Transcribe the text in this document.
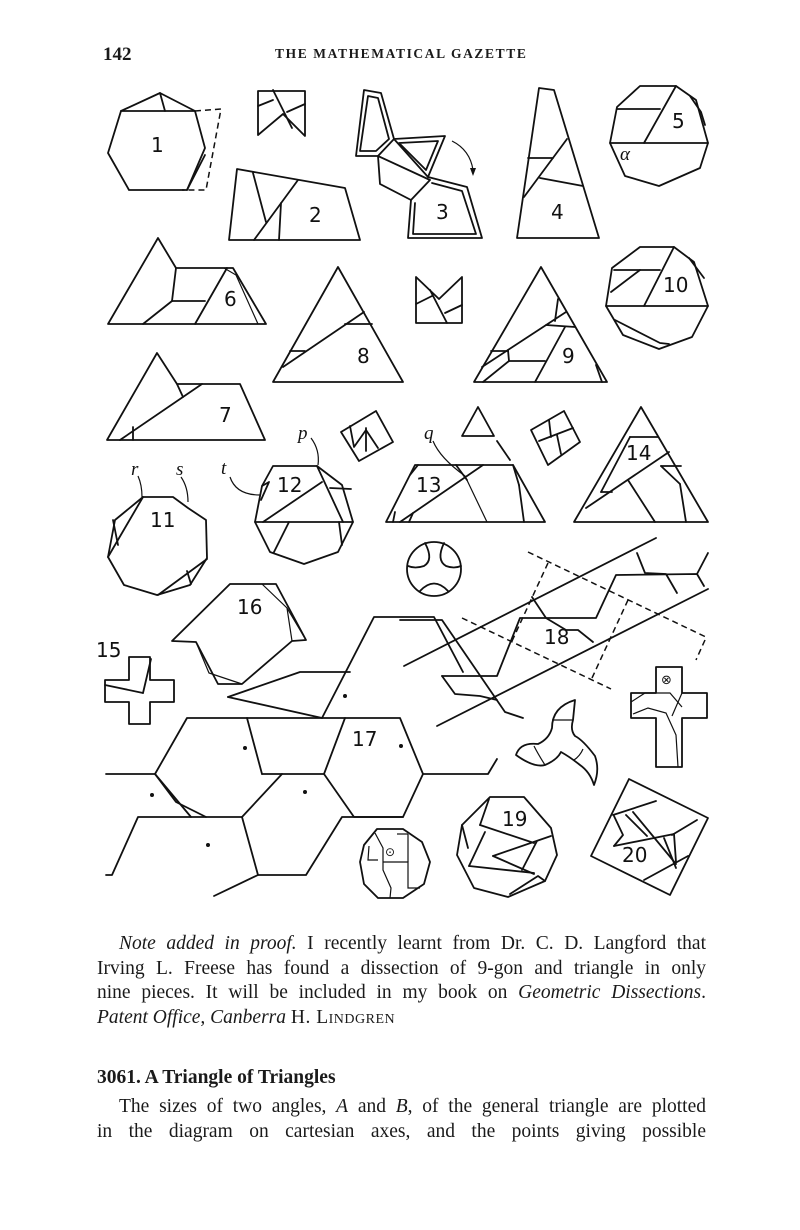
142	THE MATHEMATICAL GAZETTE
1
2	3	4
5
α
6
8	9
10
7
p	q
13
14
r s t
11
12
16
15
17
18
⊗
19
⊙	20
Note added in proof. I recently learnt from Dr. C. D. Langford that
Irving L. Freese has found a dissection of 9-gon and triangle in only
nine pieces. It will be included in my book on Geometric Dissections.
Patent Office, Canberra H. Lindgren
3061. A Triangle of Triangles
The sizes of two angles, A and B, of the general triangle are plotted
in the diagram on cartesian axes, and the points giving possible
